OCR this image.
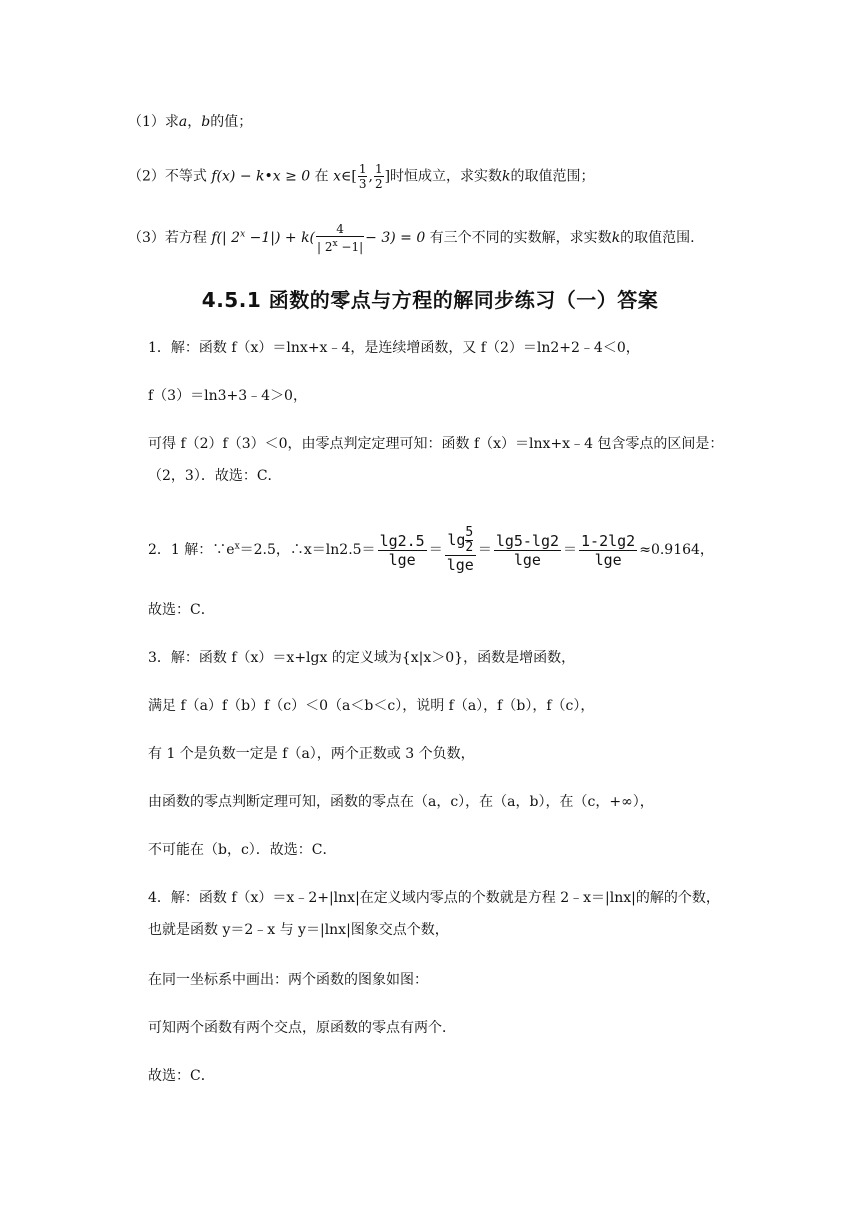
（1）求a，b的值；
（2）不等式 f(x) − k•x ≥ 0 在 x∈[ $\frac{1}{3}$ , $\frac{1}{2}$ ]时恒成立，求实数k的取值范围；
（3）若方程 f(| $2^x -1|) + k( \frac{4}{| 2^x -1|} - 3) = 0$ 有三个不同的实数解，求实数k的取值范围.
4.5.1 函数的零点与方程的解同步练习（一）答案
1．解：函数 f（x）＝lnx+x﹣4，是连续增函数，又 f（2）＝ln2+2﹣4＜0，
f（3）＝ln3+3﹣4＞0，
可得 f（2）f（3）＜0，由零点判定定理可知：函数 f（x）＝lnx+x﹣4 包含零点的区间是：
（2，3）．故选：C．
2．1 解：$\because e^x=2.5$，∴x＝ln2.5＝ $\frac{\lg 2.5}{\lg e} = \frac{\lg \frac{5}{2}}{\lg e} = \frac{\lg 5-\lg 2}{\lg e} = \frac{1-2\lg 2}{\lg e} \approx 0.9164$，
故选：C．
3．解：函数 f（x）＝x+lgx 的定义域为{x|x＞0}，函数是增函数，
满足 f（a）f（b）f（c）＜0（a＜b＜c），说明 f（a），f（b），f（c），
有 1 个是负数一定是 f（a），两个正数或 3 个负数，
由函数的零点判断定理可知，函数的零点在（a，c），在（a，b），在（c，+∞），
不可能在（b，c）．故选：C．
4．解：函数 f（x）＝x﹣2+|lnx|在定义域内零点的个数就是方程 2﹣x＝|lnx|的解的个数，
也就是函数 y＝2﹣x 与 y＝|lnx|图象交点个数，
在同一坐标系中画出：两个函数的图象如图：
可知两个函数有两个交点，原函数的零点有两个．
故选：C．
